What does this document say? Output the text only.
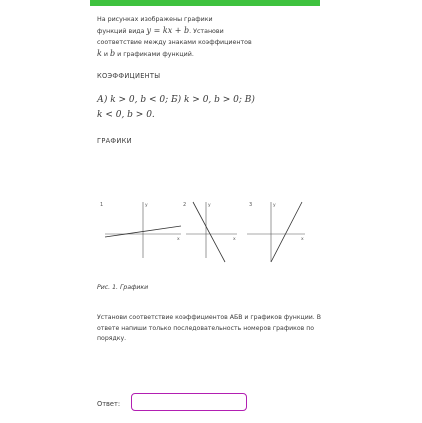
На рисунках изображены графики
функций вида y = kx + b. Установи
соответствие между знаками коэффициентов
k и b и графиками функций.
КОЭФФИЦИЕНТЫ
А) k > 0, b < 0; Б) k > 0, b > 0; В)
k < 0, b > 0.
ГРАФИКИ
1	y
x
2	y
x
3	y
x
Рис. 1. Графики
Установи соответствие коэффициентов АБВ и графиков функции. В ответе напиши только последовательность номеров графиков по порядку.
Ответ:
